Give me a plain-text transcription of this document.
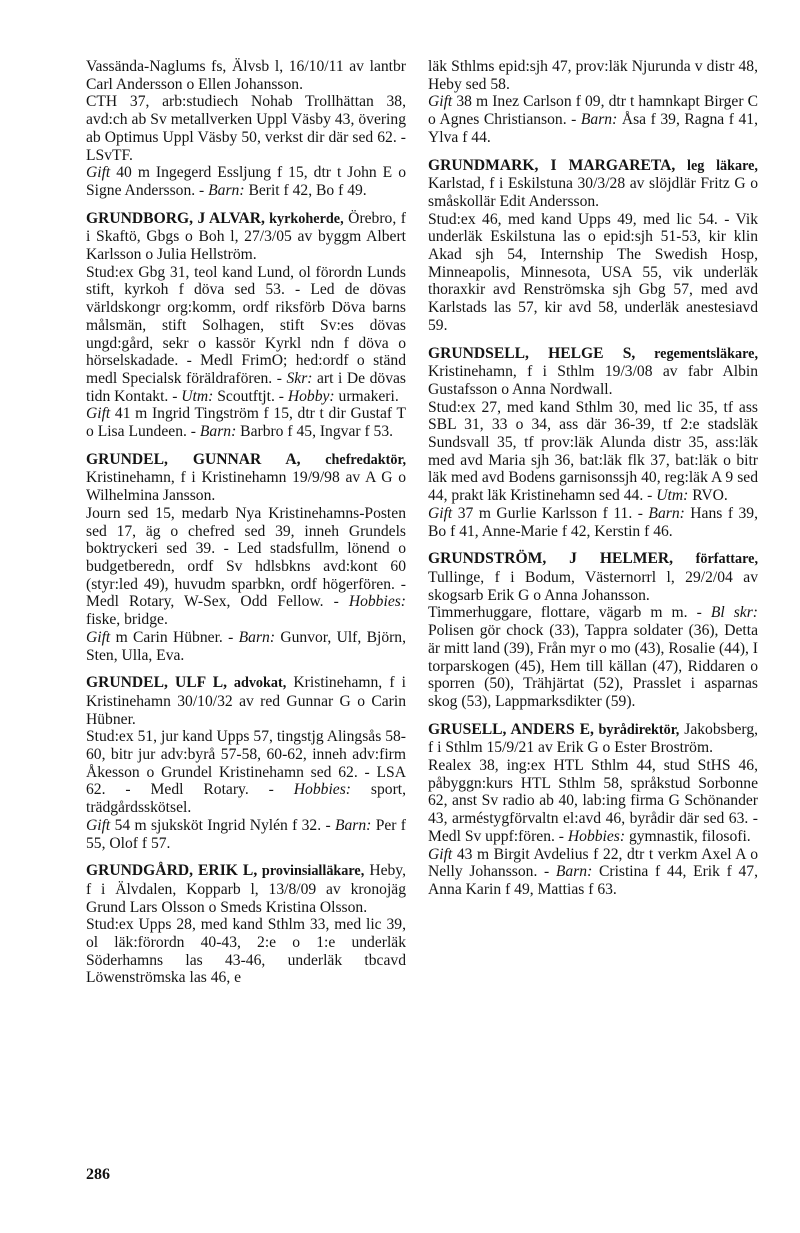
Vassända-Naglums fs, Älvsb l, 16/10/11 av lantbr Carl Andersson o Ellen Johansson.

CTH 37, arb:studiech Nohab Trollhättan 38, avd:ch ab Sv metallverken Uppl Väsby 43, övering ab Optimus Uppl Väsby 50, verkst dir där sed 62. - LSvTF.

Gift 40 m Ingegerd Essljung f 15, dtr t John E o Signe Andersson. - Barn: Berit f 42, Bo f 49.

GRUNDBORG, J ALVAR, kyrkoherde, Örebro, f i Skaftö, Gbgs o Boh l, 27/3/05 av byggm Albert Karlsson o Julia Hellström.

Stud:ex Gbg 31, teol kand Lund, ol förordn Lunds stift, kyrkoh f döva sed 53. - Led de dövas världskongr org:komm, ordf riksförb Döva barns målsmän, stift Solhagen, stift Sv:es dövas ungd:gård, sekr o kassör Kyrkl ndn f döva o hörselskadade. - Medl FrimO; hed:ordf o ständ medl Specialsk föräldrafören. - Skr: art i De dövas tidn Kontakt. - Utm: Scoutftjt. - Hobby: urmakeri.

Gift 41 m Ingrid Tingström f 15, dtr t dir Gustaf T o Lisa Lundeen. - Barn: Barbro f 45, Ingvar f 53.

GRUNDEL, GUNNAR A, chefredaktör, Kristinehamn, f i Kristinehamn 19/9/98 av A G o Wilhelmina Jansson.

Journ sed 15, medarb Nya Kristinehamns-Posten sed 17, äg o chefred sed 39, inneh Grundels boktryckeri sed 39. - Led stadsfullm, lönend o budgetberedn, ordf Sv hdlsbkns avd:kont 60 (styr:led 49), huvudm sparbkn, ordf högerfören. - Medl Rotary, W-Sex, Odd Fellow. - Hobbies: fiske, bridge.

Gift m Carin Hübner. - Barn: Gunvor, Ulf, Björn, Sten, Ulla, Eva.

GRUNDEL, ULF L, advokat, Kristinehamn, f i Kristinehamn 30/10/32 av red Gunnar G o Carin Hübner.

Stud:ex 51, jur kand Upps 57, tingstjg Alingsås 58-60, bitr jur adv:byrå 57-58, 60-62, inneh adv:firm Åkesson o Grundel Kristinehamn sed 62. - LSA 62. - Medl Rotary. - Hobbies: sport, trädgårdsskötsel.

Gift 54 m sjuksköt Ingrid Nylén f 32. - Barn: Per f 55, Olof f 57.

GRUNDGÅRD, ERIK L, provinsialläkare, Heby, f i Älvdalen, Kopparb l, 13/8/09 av kronojäg Grund Lars Olsson o Smeds Kristina Olsson.

Stud:ex Upps 28, med kand Sthlm 33, med lic 39, ol läk:förordn 40-43, 2:e o 1:e underläk Söderhamns las 43-46, underläk tbcavd Löwenströmska las 46, e

läk Sthlms epid:sjh 47, prov:läk Njurunda v distr 48, Heby sed 58.

Gift 38 m Inez Carlson f 09, dtr t hamnkapt Birger C o Agnes Christianson. - Barn: Åsa f 39, Ragna f 41, Ylva f 44.

GRUNDMARK, I MARGARETA, leg läkare, Karlstad, f i Eskilstuna 30/3/28 av slöjdlär Fritz G o småskollär Edit Andersson.

Stud:ex 46, med kand Upps 49, med lic 54. - Vik underläk Eskilstuna las o epid:sjh 51-53, kir klin Akad sjh 54, Internship The Swedish Hosp, Minneapolis, Minnesota, USA 55, vik underläk thoraxkir avd Renströmska sjh Gbg 57, med avd Karlstads las 57, kir avd 58, underläk anestesiavd 59.

GRUNDSELL, HELGE S, regementsläkare, Kristinehamn, f i Sthlm 19/3/08 av fabr Albin Gustafsson o Anna Nordwall.

Stud:ex 27, med kand Sthlm 30, med lic 35, tf ass SBL 31, 33 o 34, ass där 36-39, tf 2:e stadsläk Sundsvall 35, tf prov:läk Alunda distr 35, ass:läk med avd Maria sjh 36, bat:läk flk 37, bat:läk o bitr läk med avd Bodens garnisonssjh 40, reg:läk A 9 sed 44, prakt läk Kristinehamn sed 44. - Utm: RVO.

Gift 37 m Gurlie Karlsson f 11. - Barn: Hans f 39, Bo f 41, Anne-Marie f 42, Kerstin f 46.

GRUNDSTRÖM, J HELMER, författare, Tullinge, f i Bodum, Västernorrl l, 29/2/04 av skogsarb Erik G o Anna Johansson.

Timmerhuggare, flottare, vägarb m m. - Bl skr: Polisen gör chock (33), Tappra soldater (36), Detta är mitt land (39), Från myr o mo (43), Rosalie (44), I torparskogen (45), Hem till källan (47), Riddaren o sporren (50), Trähjärtat (52), Prasslet i asparnas skog (53), Lappmarksdikter (59).

GRUSELL, ANDERS E, byrådirektör, Jakobsberg, f i Sthlm 15/9/21 av Erik G o Ester Broström.

Realex 38, ing:ex HTL Sthlm 44, stud StHS 46, påbyggn:kurs HTL Sthlm 58, språkstud Sorbonne 62, anst Sv radio ab 40, lab:ing firma G Schönander 43, arméstygförvaltn el:avd 46, byrådir där sed 63. - Medl Sv uppf:fören. - Hobbies: gymnastik, filosofi.

Gift 43 m Birgit Avdelius f 22, dtr t verkm Axel A o Nelly Johansson. - Barn: Cristina f 44, Erik f 47, Anna Karin f 49, Mattias f 63.

286
